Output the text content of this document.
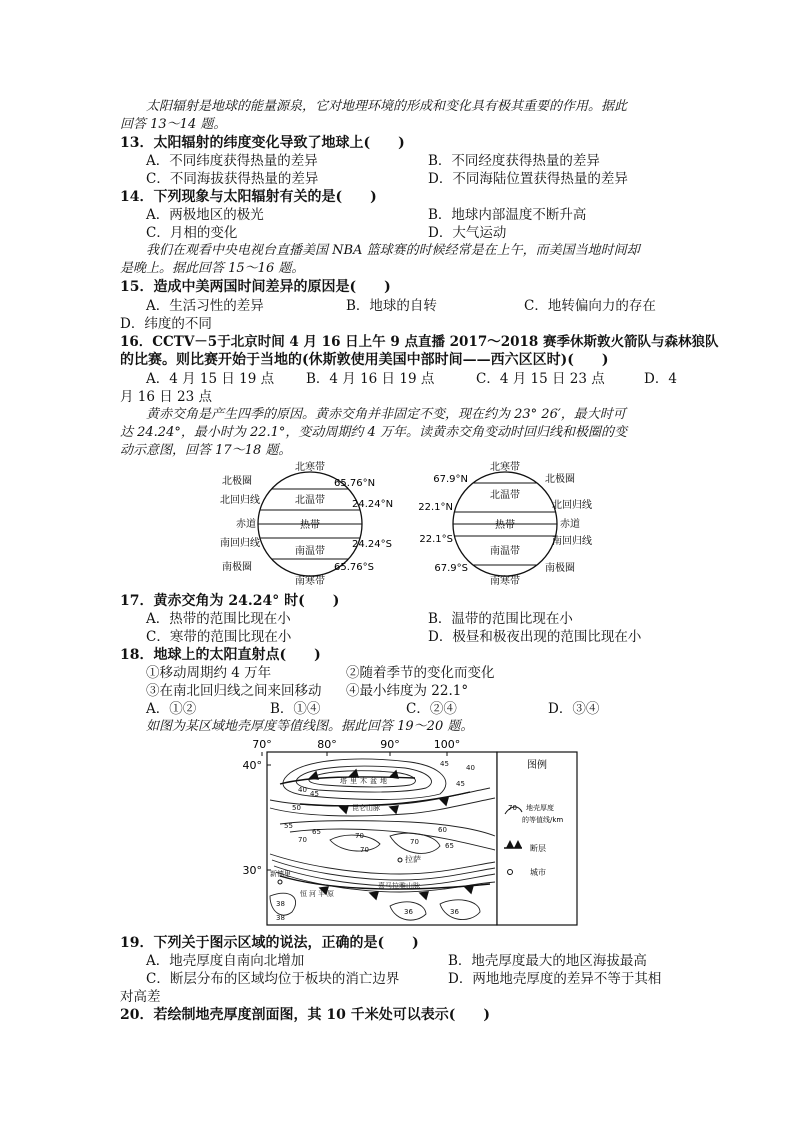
太阳辐射是地球的能量源泉，它对地理环境的形成和变化具有极其重要的作用。据此
回答 13～14 题。
13．太阳辐射的纬度变化导致了地球上(　　)
A．不同纬度获得热量的差异	B．不同经度获得热量的差异
C．不同海拔获得热量的差异	D．不同海陆位置获得热量的差异
14．下列现象与太阳辐射有关的是(　　)
A．两极地区的极光	B．地球内部温度不断升高
C．月相的变化	D．大气运动
我们在观看中央电视台直播美国 NBA 篮球赛的时候经常是在上午，而美国当地时间却
是晚上。据此回答 15～16 题。
15．造成中美两国时间差异的原因是(　　)
A．生活习性的差异	B．地球的自转	C．地转偏向力的存在
D．纬度的不同
16．CCTV－5于北京时间 4 月 16 日上午 9 点直播 2017～2018 赛季休斯敦火箭队与森林狼队
的比赛。则比赛开始于当地的(休斯敦使用美国中部时间——西六区区时)(　　)
A．4 月 15 日 19 点 B．4 月 16 日 19 点	C．4 月 15 日 23 点	D．4
月 16 日 23 点
黄赤交角是产生四季的原因。黄赤交角并非固定不变，现在约为 23° 26′，最大时可
达 24.24°，最小时为 22.1°，变动周期约 4 万年。读黄赤交角变动时回归线和极圈的变
动示意图，回答 17～18 题。
北寒带
北温带
热带
南温带
南寒带
北极圈
北回归线
赤道
南回归线
南极圈
65.76°N
24.24°N
24.24°S
65.76°S
北寒带
北温带
热带
南温带
南寒带
北极圈
北回归线
赤道
南回归线
南极圈
67.9°N
22.1°N
22.1°S
67.9°S
17．黄赤交角为 24.24° 时(　　)
A．热带的范围比现在小	B．温带的范围比现在小
C．寒带的范围比现在小	D．极昼和极夜出现的范围比现在小
18．地球上的太阳直射点(　　)
①移动周期约 4 万年	②随着季节的变化而变化
③在南北回归线之间来回移动 ④最小纬度为 22.1°
A．①②	B．①④	C．②④	D．③④
如图为某区域地壳厚度等值线图。据此回答 19～20 题。
70°	80°	90°	100°
40°
30°
塔里木盆地
昆仑山脉
喜马拉雅山脉
拉萨
新德里
恒河平原
40 45
50
45 40
45
55	60
70
70
70	70	65
65
38
38
36	36
图例
70 地壳厚度
的等值线/km
断层
城市
19．下列关于图示区域的说法，正确的是(　　)
A．地壳厚度自南向北增加	B．地壳厚度最大的地区海拔最高
C．断层分布的区域均位于板块的消亡边界	D．两地地壳厚度的差异不等于其相
对高差
20．若绘制地壳厚度剖面图，其 10 千米处可以表示(　　)
